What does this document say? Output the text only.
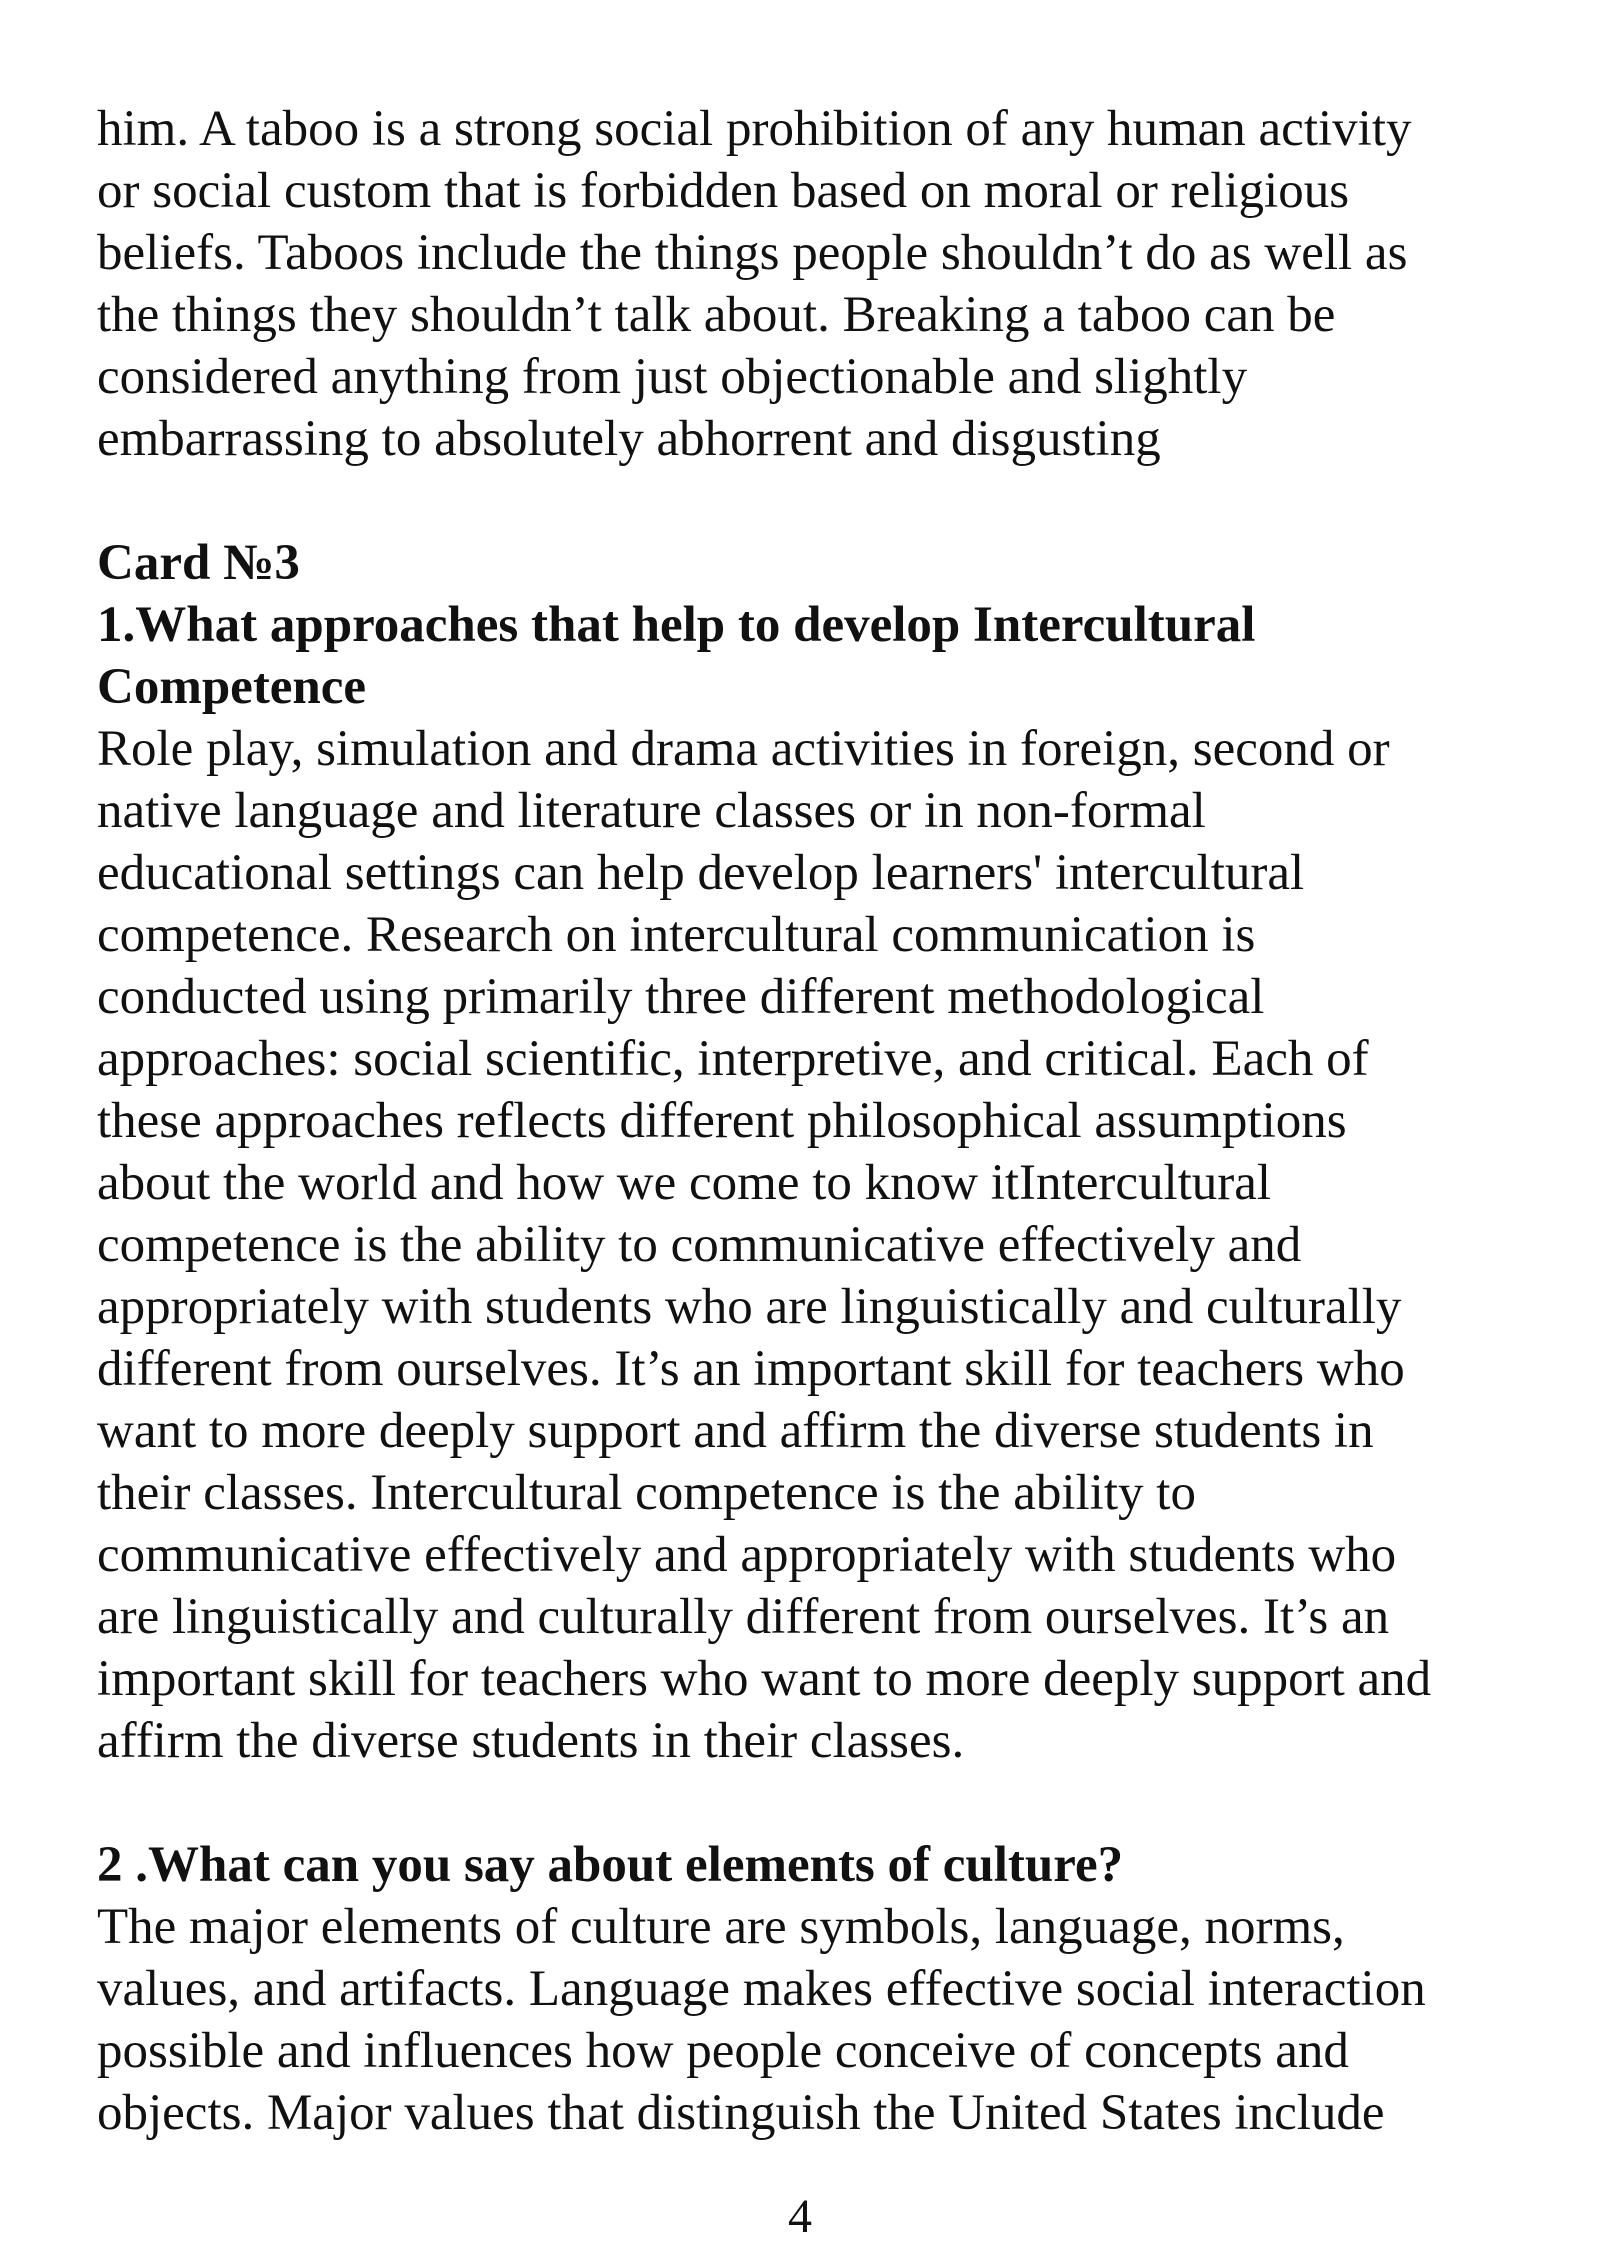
him. A taboo is a strong social prohibition of any human activity
or social custom that is forbidden based on moral or religious
beliefs. Taboos include the things people shouldn’t do as well as
the things they shouldn’t talk about. Breaking a taboo can be
considered anything from just objectionable and slightly
embarrassing to absolutely abhorrent and disgusting
Card №3
1.What approaches that help to develop Intercultural
Competence
Role play, simulation and drama activities in foreign, second or
native language and literature classes or in non-formal
educational settings can help develop learners' intercultural
competence. Research on intercultural communication is
conducted using primarily three different methodological
approaches: social scientific, interpretive, and critical. Each of
these approaches reflects different philosophical assumptions
about the world and how we come to know itIntercultural
competence is the ability to communicative effectively and
appropriately with students who are linguistically and culturally
different from ourselves. It’s an important skill for teachers who
want to more deeply support and affirm the diverse students in
their classes. Intercultural competence is the ability to
communicative effectively and appropriately with students who
are linguistically and culturally different from ourselves. It’s an
important skill for teachers who want to more deeply support and
affirm the diverse students in their classes.
2 .What can you say about elements of culture?
The major elements of culture are symbols, language, norms,
values, and artifacts. Language makes effective social interaction
possible and influences how people conceive of concepts and
objects. Major values that distinguish the United States include
4
